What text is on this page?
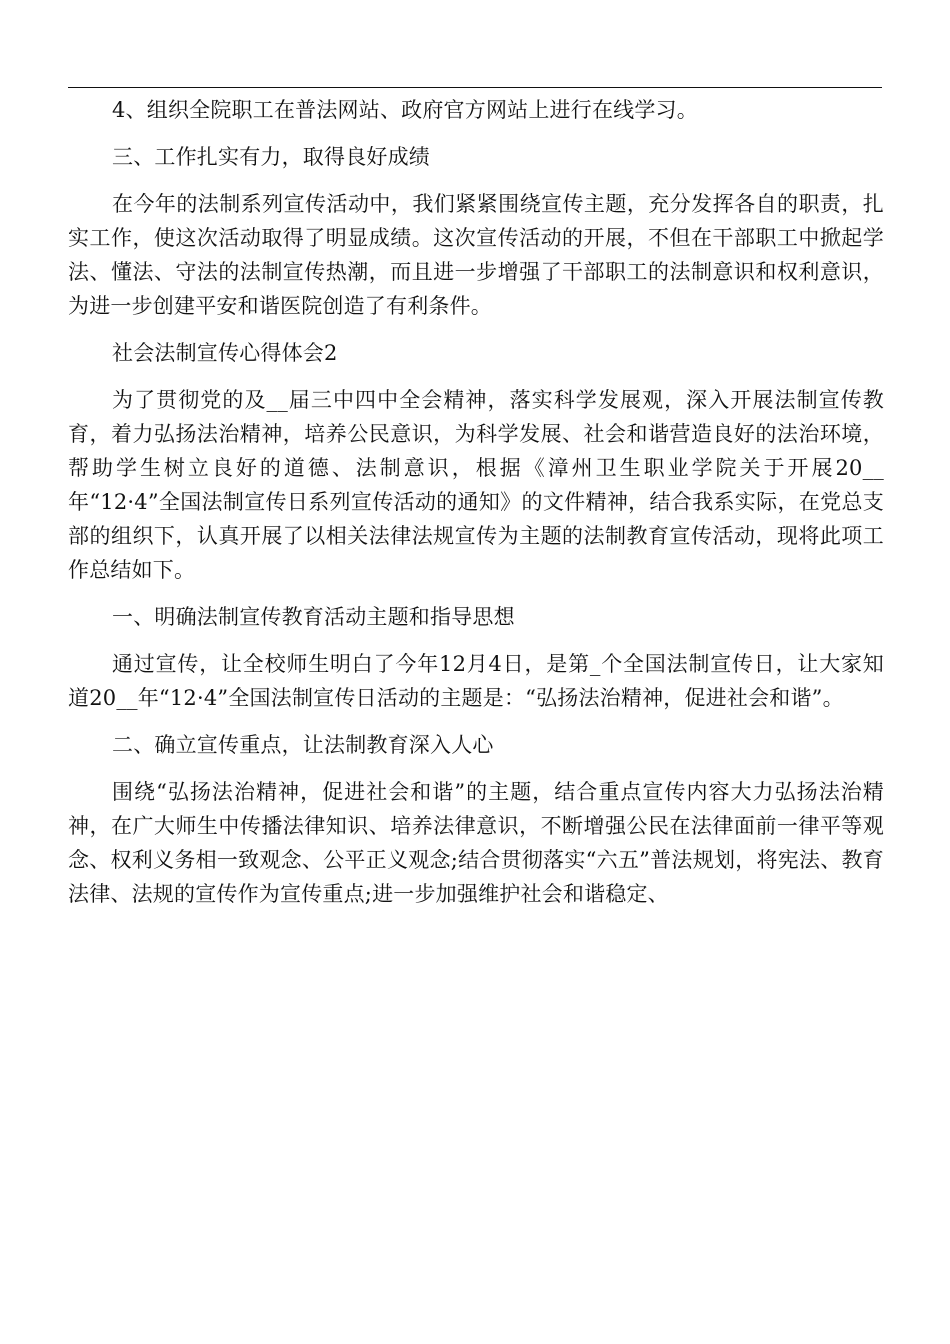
4、组织全院职工在普法网站、政府官方网站上进行在线学习。

三、工作扎实有力，取得良好成绩

在今年的法制系列宣传活动中，我们紧紧围绕宣传主题，充分发挥各自的职责，扎实工作，使这次活动取得了明显成绩。这次宣传活动的开展，不但在干部职工中掀起学法、懂法、守法的法制宣传热潮，而且进一步增强了干部职工的法制意识和权利意识，为进一步创建平安和谐医院创造了有利条件。

社会法制宣传心得体会2

为了贯彻党的及__届三中四中全会精神，落实科学发展观，深入开展法制宣传教育，着力弘扬法治精神，培养公民意识，为科学发展、社会和谐营造良好的法治环境，帮助学生树立良好的道德、法制意识，根据《漳州卫生职业学院关于开展20__年“12·4”全国法制宣传日系列宣传活动的通知》的文件精神，结合我系实际，在党总支部的组织下，认真开展了以相关法律法规宣传为主题的法制教育宣传活动，现将此项工作总结如下。

一、明确法制宣传教育活动主题和指导思想

通过宣传，让全校师生明白了今年12月4日，是第_个全国法制宣传日，让大家知道20__年“12·4”全国法制宣传日活动的主题是：“弘扬法治精神，促进社会和谐”。

二、确立宣传重点，让法制教育深入人心

围绕“弘扬法治精神，促进社会和谐”的主题，结合重点宣传内容大力弘扬法治精神，在广大师生中传播法律知识、培养法律意识，不断增强公民在法律面前一律平等观念、权利义务相一致观念、公平正义观念;结合贯彻落实“六五”普法规划，将宪法、教育法律、法规的宣传作为宣传重点;进一步加强维护社会和谐稳定、
